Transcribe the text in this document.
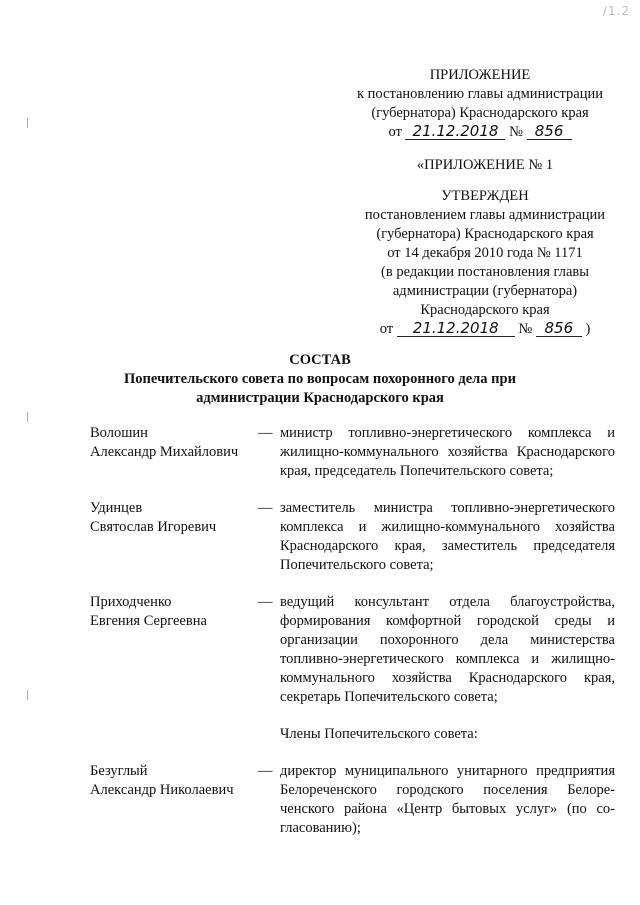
∕1.2
ПРИЛОЖЕНИЕ
к постановлению главы администрации
(губернатора) Краснодарского края
от 21.12.2018 № 856
«ПРИЛОЖЕНИЕ № 1
УТВЕРЖДЕН
постановлением главы администрации
(губернатора) Краснодарского края
от 14 декабря 2010 года № 1171
(в редакции постановления главы
администрации (губернатора)
Краснодарского края
от 21.12.2018 № 856 )
СОСТАВ
Попечительского совета по вопросам похоронного дела при
администрации Краснодарского края
Волошин
Александр Михайлович
— министр топливно-энергетического комплекса и жилищно-коммунального хозяйства Краснодарского края, председатель Попечительского совета;
Удинцев
Святослав Игоревич
— заместитель министра топливно-энергетического комплекса и жилищно-коммунального хозяйства Краснодарского края, заместитель председателя Попечительского совета;
Приходченко
Евгения Сергеевна
— ведущий консультант отдела благоустройства, формирования комфортной городской среды и организации похоронного дела министерства топливно-энергетического комплекса и жилищно-коммунального хозяйства Краснодарского края, секретарь Попечительского совета;
Члены Попечительского совета:
Безуглый
Александр Николаевич
— директор муниципального унитарного предприятия Белореченского городского поселения Белореченского района «Центр бытовых услуг» (по согласованию);
